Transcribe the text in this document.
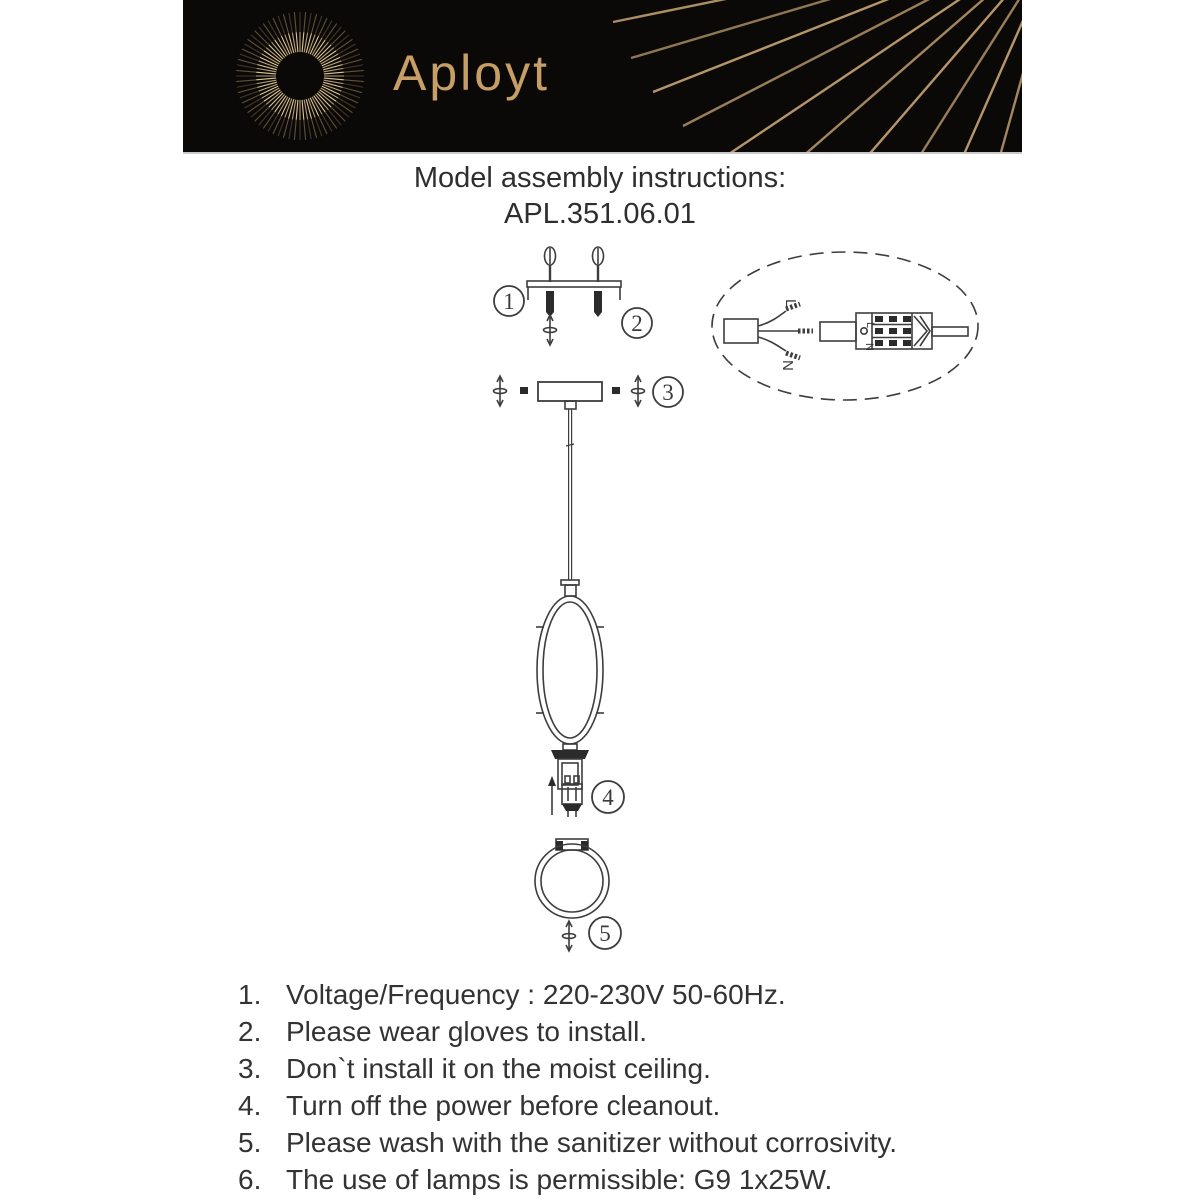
Aployt
Model assembly instructions:
APL.351.06.01
1
2
L
N
L
N
3
4
5
1. Voltage/Frequency : 220-230V 50-60Hz.
2. Please wear gloves to install.
3. Don`t install it on the moist ceiling.
4. Turn off the power before cleanout.
5. Please wash with the sanitizer without corrosivity.
6. The use of lamps is permissible: G9 1x25W.
